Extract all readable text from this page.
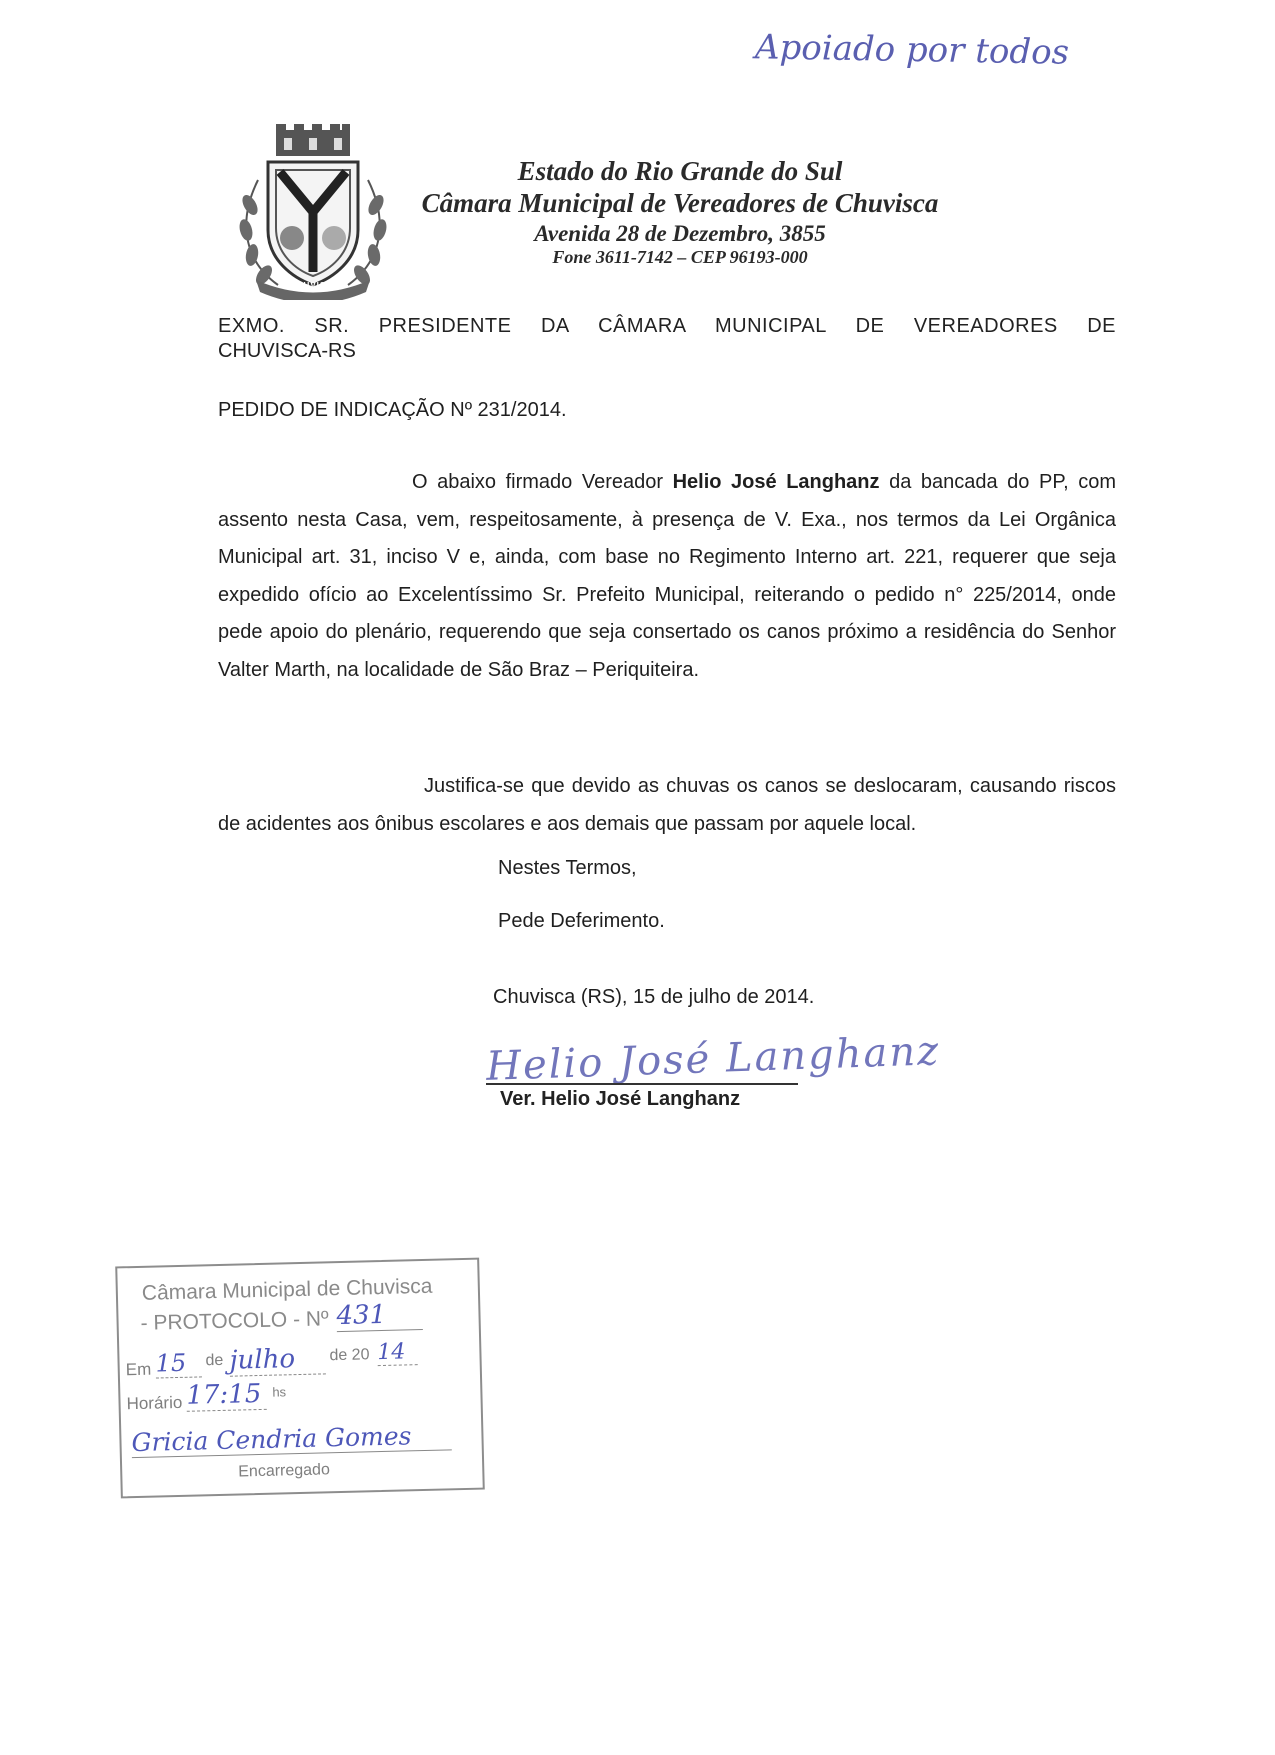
Apoiado por todos
CHUVISCA
Estado do Rio Grande do Sul
Câmara Municipal de Vereadores de Chuvisca
Avenida 28 de Dezembro, 3855
Fone 3611-7142 – CEP 96193-000
EXMO. SR. PRESIDENTE DA CÂMARA MUNICIPAL DE VEREADORES DE
CHUVISCA-RS
PEDIDO DE INDICAÇÃO Nº 231/2014.
O abaixo firmado Vereador Helio José Langhanz da bancada do PP, com assento nesta Casa, vem, respeitosamente, à presença de V. Exa., nos termos da Lei Orgânica Municipal art. 31, inciso V e, ainda, com base no Regimento Interno art. 221, requerer que seja expedido ofício ao Excelentíssimo Sr. Prefeito Municipal, reiterando o pedido n° 225/2014, onde pede apoio do plenário, requerendo que seja consertado os canos próximo a residência do Senhor Valter Marth, na localidade de São Braz – Periquiteira.
Justifica-se que devido as chuvas os canos se deslocaram, causando riscos de acidentes aos ônibus escolares e aos demais que passam por aquele local.
Nestes Termos,
Pede Deferimento.
Chuvisca (RS), 15 de julho de 2014.
Helio José Langhanz
Ver. Helio José Langhanz
Câmara Municipal de Chuvisca
- PROTOCOLO - Nº 431
Em 15	de julho	de 20 14
Horário 17:15 hs
Gricia Cendria Gomes
Encarregado
